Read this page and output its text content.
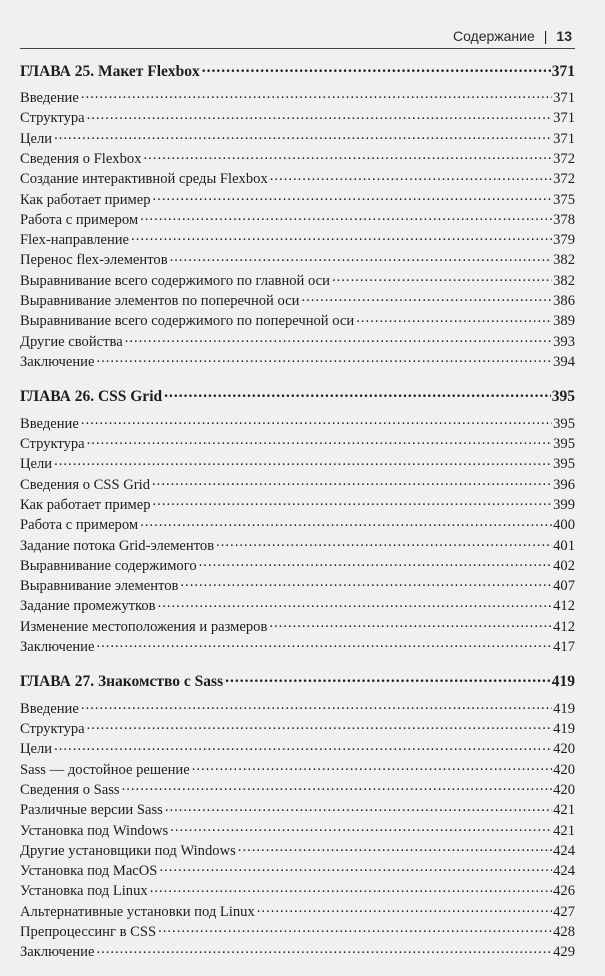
Содержание | 13
ГЛАВА 25. Макет Flexbox .....	371
Введение .....	371
Структура .....	371
Цели .....	371
Сведения о Flexbox .....	372
Создание интерактивной среды Flexbox .....	372
Как работает пример .....	375
Работа с примером .....	378
Flex-направление .....	379
Перенос flex-элементов .....	382
Выравнивание всего содержимого по главной оси .....	382
Выравнивание элементов по поперечной оси .....	386
Выравнивание всего содержимого по поперечной оси .....	389
Другие свойства .....	393
Заключение .....	394
ГЛАВА 26. CSS Grid .....	395
Введение .....	395
Структура .....	395
Цели .....	395
Сведения о CSS Grid .....	396
Как работает пример .....	399
Работа с примером .....	400
Задание потока Grid-элементов .....	401
Выравнивание содержимого .....	402
Выравнивание элементов .....	407
Задание промежутков .....	412
Изменение местоположения и размеров .....	412
Заключение .....	417
ГЛАВА 27. Знакомство с Sass .....	419
Введение .....	419
Структура .....	419
Цели .....	420
Sass — достойное решение .....	420
Сведения о Sass .....	420
Различные версии Sass .....	421
Установка под Windows .....	421
Другие установщики под Windows .....	424
Установка под MacOS .....	424
Установка под Linux .....	426
Альтернативные установки под Linux .....	427
Препроцессинг в CSS .....	428
Заключение .....	429
